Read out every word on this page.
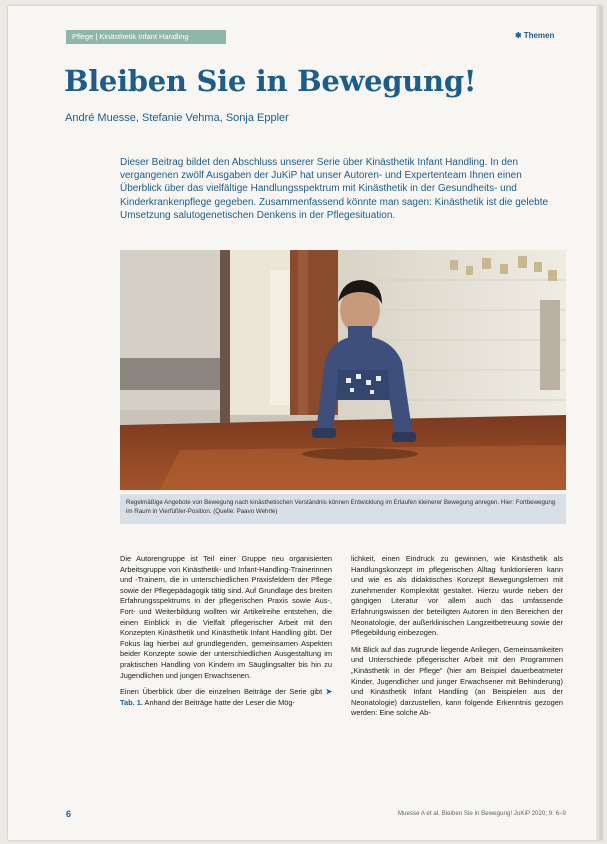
Pflege | Kinästhetik Infant Handling	✱ Themen
Bleiben Sie in Bewegung!
André Muesse, Stefanie Vehma, Sonja Eppler
Dieser Beitrag bildet den Abschluss unserer Serie über Kinästhetik Infant Handling. In den vergangenen zwölf Ausgaben der JuKiP hat unser Autoren- und Expertenteam Ihnen einen Überblick über das vielfältige Handlungsspektrum mit Kinästhetik in der Gesundheits- und Kinderkrankenpflege gegeben. Zusammenfassend könnte man sagen: Kinästhetik ist die gelebte Umsetzung salutogenetischen Denkens in der Pflegesituation.
Regelmäßige Angebote von Bewegung nach kinästhetischen Verständnis können Entwicklung im Erlaufen kleinerer Bewegung anregen. Hier: Fortbewegung im Raum in Vierfüßler-Position. (Quelle: Paavo Wehrle)

Die Autorengruppe ist Teil einer Gruppe neu organisierten Arbeitsgruppe von Kinästhetik- und Infant-Handling-Trainerinnen und -Trainern, die in unterschiedlichen Praxisfeldern der Pflege sowie der Pflegepädagogik tätig sind. Auf Grundlage des breiten Erfahrungsspektrums in der pflegerischen Praxis sowie Aus-, Fort- und Weiterbildung wollten wir Artikelreihe entstehen, die einen Einblick in die Vielfalt pflegerischer Arbeit mit den Konzepten Kinästhetik und Kinästhetik Infant Handling gibt. Der Fokus lag hierbei auf grundlegenden, gemeinsamen Aspekten beider Konzepte sowie der unterschiedlichen Ausgestaltung im praktischen Handling von Kindern im Säuglingsalter bis hin zu Jugendlichen und jungen Erwachsenen.

Einen Überblick über die einzelnen Beiträge der Serie gibt ➤ Tab. 1. Anhand der Beiträge hatte der Leser die Mög-

lichkeit, einen Eindruck zu gewinnen, wie Kinästhetik als Handlungskonzept im pflegerischen Alltag funktionieren kann und wie es als didaktisches Konzept Bewegungslernen mit zunehmender Komplexität gestaltet. Hierzu wurde neben der gängigen Literatur vor allem auch das umfassende Erfahrungswissen der beteiligten Autoren in den Bereichen der Neonatologie, der außerklinischen Langzeitbetreuung sowie der Pflegebildung einbezogen.

Mit Blick auf das zugrunde liegende Anliegen, Gemeinsamkeiten und Unterschiede pflegerischer Arbeit mit den Programmen „Kinästhetik in der Pflege“ (hier am Beispiel dauerbeatmeter Kinder, Jugendlicher und junger Erwachsener mit Behinderung) und Kinästhetik Infant Handling (an Beispielen aus der Neonatologie) darzustellen, kann folgende Erkenntnis gezogen werden: Eine solche Ab-

6	Muesse A et al. Bleiben Sie in Bewegung! JuKiP 2020; 9: 6–9
